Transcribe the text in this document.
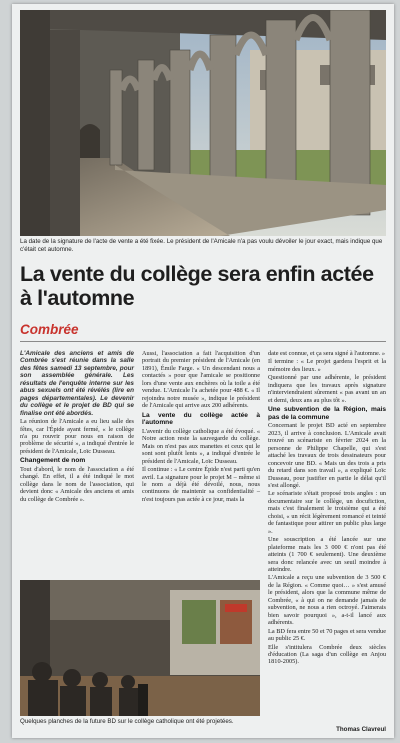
La date de la signature de l'acte de vente a été fixée. Le président de l'Amicale n'a pas voulu dévoiler le jour exact, mais indique que c'était cet automne.
La vente du collège sera enfin actée à l'automne
Combrée

L'Amicale des anciens et amis de Combrée s'est réunie dans la salle des fêtes samedi 13 septembre, pour son assemblée générale. Les résultats de l'enquête interne sur les abus sexuels ont été révélés (lire en pages départementales). Le devenir du collège et le projet de BD qui se finalise ont été abordés.

La réunion de l'Amicale a eu lieu salle des fêtes, car l'Épide ayant fermé, « le collège n'a pu rouvrir pour nous en raison de problème de sécurité », a indiqué d'entrée le président de l'Amicale, Loïc Dusseau.

Changement de nom

Tout d'abord, le nom de l'association a été changé. En effet, il a été indiqué le mot collège dans le nom de l'association, qui devient donc « Amicale des anciens et amis du collège de Combrée ».

Aussi, l'association a fait l'acquisition d'un portrait du premier président de l'Amicale (en 1891), Émile Farge. « Un descendant nous a contactés » pour que l'amicale se positionne lors d'une vente aux enchères où la toile a été vendue. L'Amicale l'a achetée pour 488 €. « Il rejoindra notre musée », indique le président de l'Amicale qui arrive aux 200 adhérents.

La vente du collège actée à l'automne

L'avenir du collège catholique a été évoqué. « Notre action reste la sauvegarde du collège. Mais on n'est pas aux manettes et ceux qui le sont sont plutôt lents », a indiqué d'entrée le président de l'Amicale, Loïc Dusseau.

Il continue : « Le centre Épide n'est parti qu'en avril. La signature pour le projet M – même si le nom a déjà été dévoilé, nous, nous continuons de maintenir sa confidentialité – n'est toujours pas actée à ce jour, mais la

date est connue, et ça sera signé à l'automne. »

Il termine : « Le projet gardera l'esprit et la mémoire des lieux. »

Questionné par une adhérente, le président indiquera que les travaux après signature n'interviendraient sûrement « pas avant un an et demi, deux ans au plus tôt ».

Une subvention de la Région, mais pas de la commune

Concernant le projet BD acté en septembre 2023, il arrive à conclusion. L'Amicale avait trouvé un scénariste en février 2024 en la personne de Philippe Chapelle, qui s'est attaché les travaux de trois dessinateurs pour concevoir une BD. « Mais un des trois a pris du retard dans son travail », a expliqué Loïc Dusseau, pour justifier en partie le délai qu'il s'est allongé.

Le scénariste s'était proposé trois angles : un documentaire sur le collège, un docufiction, mais c'est finalement le troisième qui a été choisi, « un récit légèrement romancé et teinté de fantastique pour attirer un public plus large ».

Une souscription a été lancée sur une plateforme mais les 3 000 € n'ont pas été atteints (1 700 € seulement). Une deuxième sera donc relancée avec un seuil moindre à atteindre.

L'Amicale a reçu une subvention de 3 500 € de la Région. « Comme quoi… » s'est amusé le président, alors que la commune même de Combrée, « à qui on ne demande jamais de subvention, ne nous a rien octroyé. J'aimerais bien savoir pourquoi », a-t-il lancé aux adhérents.

La BD fera entre 50 et 70 pages et sera vendue au public 25 €.

Elle s'intitulera Combrée deux siècles d'éducation (La saga d'un collège en Anjou 1810-2005).

Quelques planches de la future BD sur le collège catholique ont été projetées.
Thomas Clavreul
